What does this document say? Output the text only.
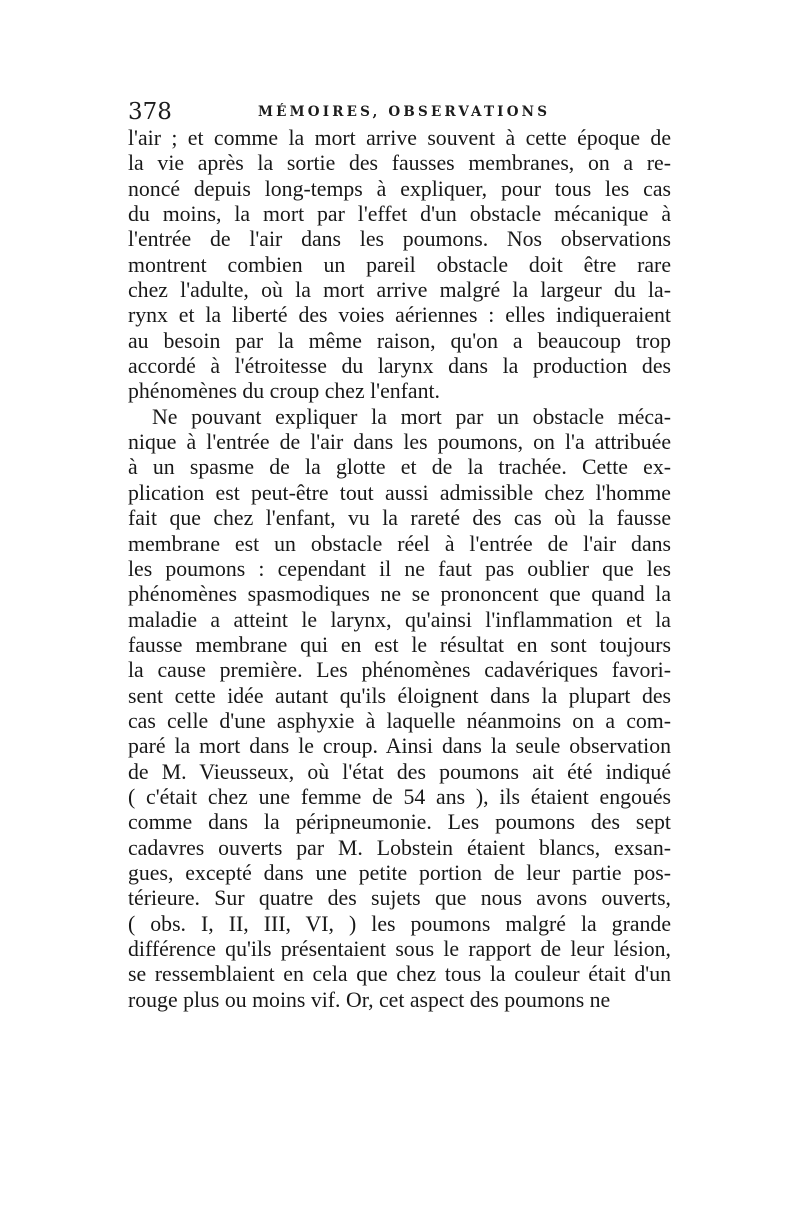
378	MÉMOIRES, OBSERVATIONS
l'air ; et comme la mort arrive souvent à cette époque de
la vie après la sortie des fausses membranes, on a re-
noncé depuis long-temps à expliquer, pour tous les cas
du moins, la mort par l'effet d'un obstacle mécanique à
l'entrée de l'air dans les poumons. Nos observations
montrent combien un pareil obstacle doit être rare
chez l'adulte, où la mort arrive malgré la largeur du la-
rynx et la liberté des voies aériennes : elles indiqueraient
au besoin par la même raison, qu'on a beaucoup trop
accordé à l'étroitesse du larynx dans la production des
phénomènes du croup chez l'enfant.
Ne pouvant expliquer la mort par un obstacle méca-
nique à l'entrée de l'air dans les poumons, on l'a attribuée
à un spasme de la glotte et de la trachée. Cette ex-
plication est peut-être tout aussi admissible chez l'homme
fait que chez l'enfant, vu la rareté des cas où la fausse
membrane est un obstacle réel à l'entrée de l'air dans
les poumons : cependant il ne faut pas oublier que les
phénomènes spasmodiques ne se prononcent que quand la
maladie a atteint le larynx, qu'ainsi l'inflammation et la
fausse membrane qui en est le résultat en sont toujours
la cause première. Les phénomènes cadavériques favori-
sent cette idée autant qu'ils éloignent dans la plupart des
cas celle d'une asphyxie à laquelle néanmoins on a com-
paré la mort dans le croup. Ainsi dans la seule observation
de M. Vieusseux, où l'état des poumons ait été indiqué
( c'était chez une femme de 54 ans ), ils étaient engoués
comme dans la péripneumonie. Les poumons des sept
cadavres ouverts par M. Lobstein étaient blancs, exsan-
gues, excepté dans une petite portion de leur partie pos-
térieure. Sur quatre des sujets que nous avons ouverts,
( obs. I, II, III, VI, ) les poumons malgré la grande
différence qu'ils présentaient sous le rapport de leur lésion,
se ressemblaient en cela que chez tous la couleur était d'un
rouge plus ou moins vif. Or, cet aspect des poumons ne
